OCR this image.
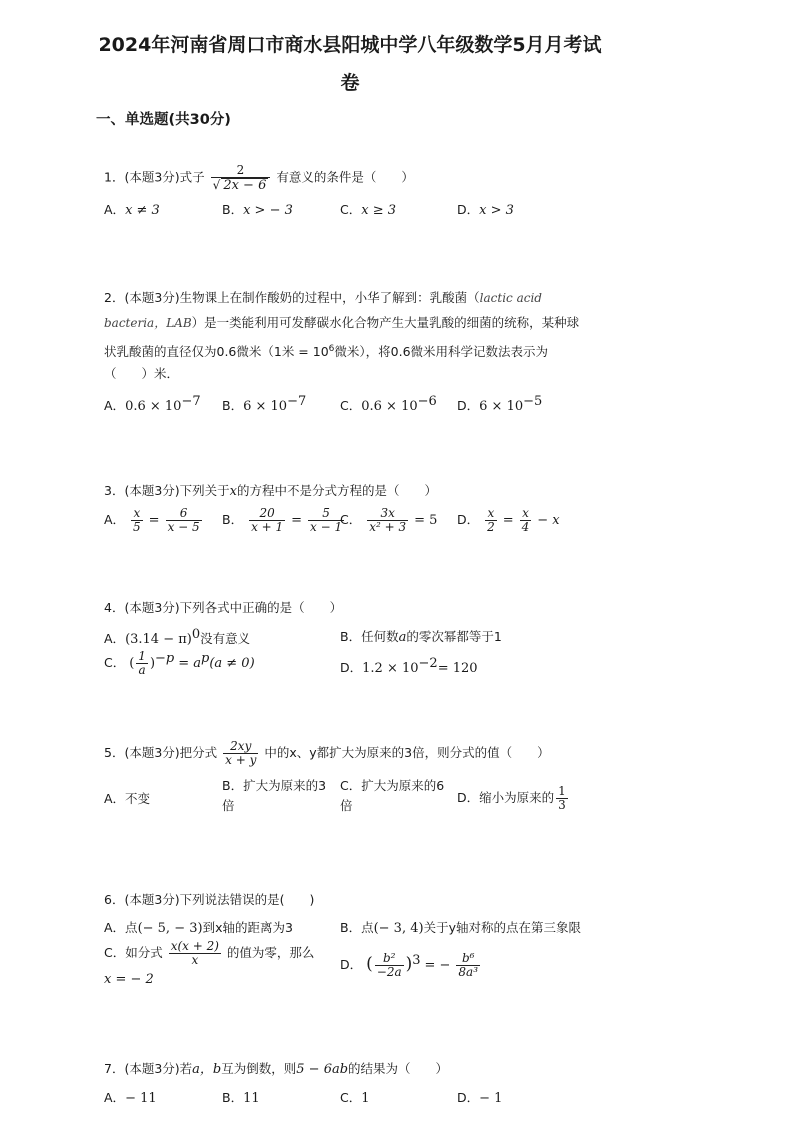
2024年河南省周口市商水县阳城中学八年级数学5月月考试
卷
一、单选题(共30分)
1．(本题3分)式子 $\frac{2}{√ 2x - 6}$ 有意义的条件是（　　）
A．x ≠ 3	B．x > − 3	C．x ≥ 3	D．x > 3
2．(本题3分)生物课上在制作酸奶的过程中，小华了解到：乳酸菌（lactic acid
bacteria，LAB）是一类能利用可发酵碳水化合物产生大量乳酸的细菌的统称，某种球
状乳酸菌的直径仅为0.6微米（1米 = $10^6$微米），将0.6微米用科学记数法表示为
（　　）米．
A．$0.6 \times 10^{-7}$ B．$6 \times 10^{-7}$	C．$0.6 \times 10^{-6}$ D．$6 \times 10^{-5}$
3．(本题3分)下列关于x的方程中不是分式方程的是（　　）
A． $\frac{x}{5} = \frac{6}{x - 5}$ B． $\frac{20}{x + 1} = \frac{5}{x - 1}$
C． $\frac{3x}{\text{x² + 3}} = 5$ D． $\frac{x}{2} = \frac{x}{4} - x$
4．(本题3分)下列各式中正确的是（　　）
A．$(3.14 - \pi)^0$没有意义	B．任何数a的零次幂都等于1
C． ( $\frac{1}{a} )^{-p} = a^p(a \ne 0)$	D．$1.2 \times 10^{-2}= 120$
5．(本题3分)把分式 $\frac{2xy}{x + y}$ 中的x、y都扩大为原来的3倍，则分式的值（　　）
A．不变
B．扩大为原来的3倍
C．扩大为原来的6倍
D．缩小为原来的 $\frac{1}{3}$
6．(本题3分)下列说法错误的是(　　)
A．点(− 5, − 3)到x轴的距离为3	B．点(− 3, 4)关于y轴对称的点在第三象限
C．如分式 $\frac{x(x + 2)}{x}$ 的值为零，那么
x = − 2
D． ( $\frac{\text{b²}}{-2a} )^3$ = − $\frac{\text{b⁶}}{\text{8a³}}$
7．(本题3分)若a，b互为倒数，则5 − 6ab的结果为（　　）
A．− 11	B．11	C．1	D．− 1
